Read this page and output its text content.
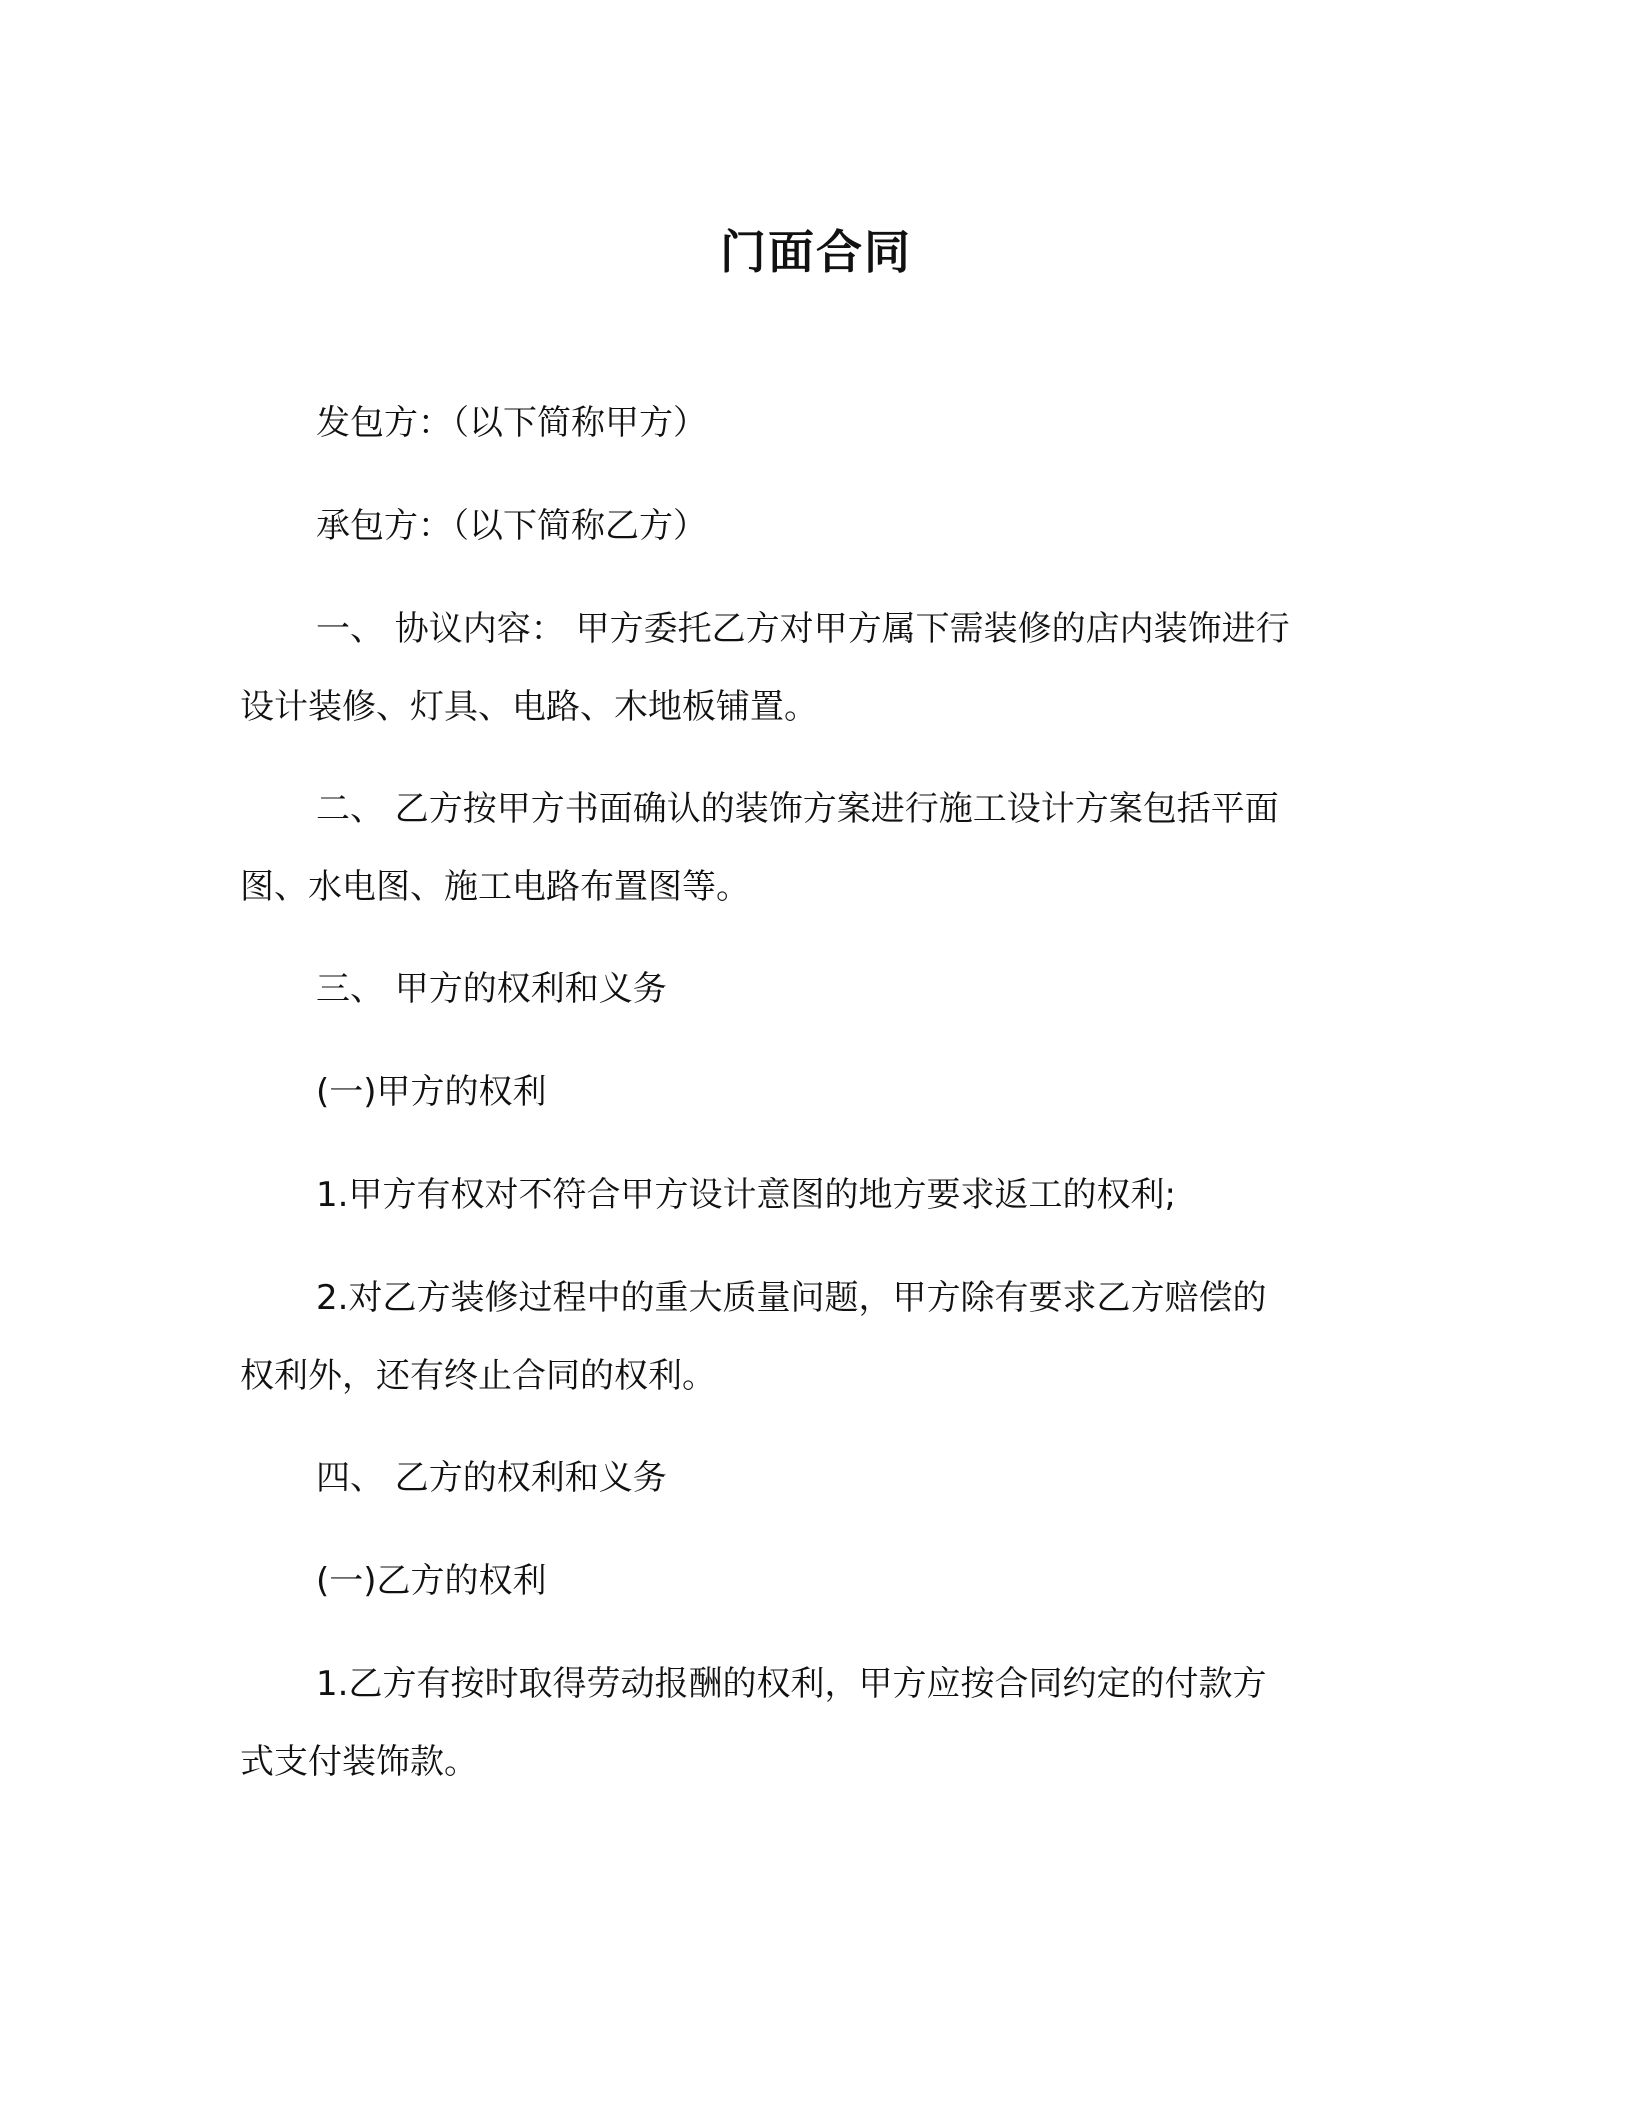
门面合同
发包方：（以下简称甲方）
承包方：（以下简称乙方）
一、 协议内容： 甲方委托乙方对甲方属下需装修的店内装饰进行
设计装修、灯具、电路、木地板铺置。
二、 乙方按甲方书面确认的装饰方案进行施工设计方案包括平面
图、水电图、施工电路布置图等。
三、 甲方的权利和义务
(一)甲方的权利
1.甲方有权对不符合甲方设计意图的地方要求返工的权利;
2.对乙方装修过程中的重大质量问题，甲方除有要求乙方赔偿的
权利外，还有终止合同的权利。
四、 乙方的权利和义务
(一)乙方的权利
1.乙方有按时取得劳动报酬的权利，甲方应按合同约定的付款方
式支付装饰款。
